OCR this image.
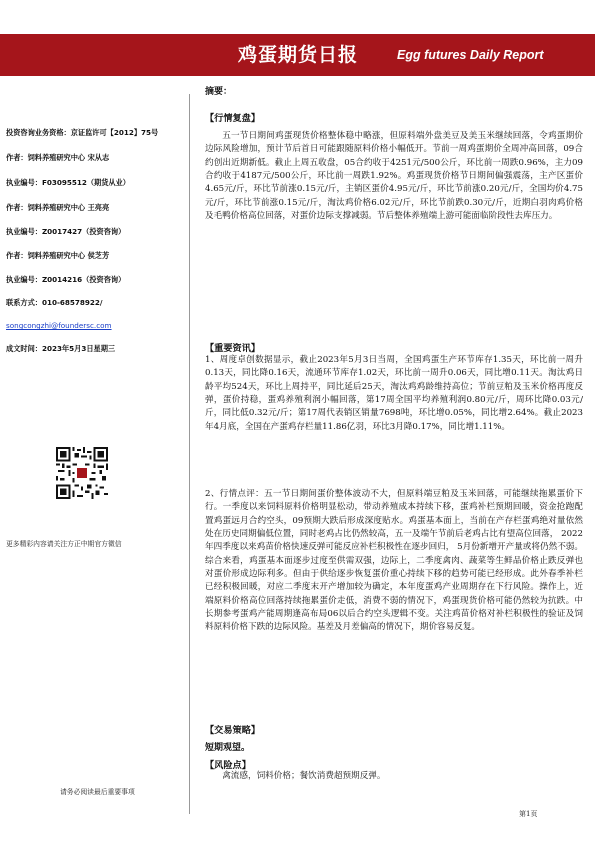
鸡蛋期货日报	Egg futures Daily Report
投资咨询业务资格：京证监许可【2012】75号
作者：饲料养殖研究中心 宋从志
执业编号：F03095512（期货从业）
作者：饲料养殖研究中心 王亮亮
执业编号：Z0017427（投资咨询）
作者：饲料养殖研究中心 侯芝芳
执业编号：Z0014216（投资咨询）
联系方式：010-68578922/
songcongzhi@foundersc.com
成文时间：2023年5月3日星期三
更多精彩内容请关注方正中期官方微信
请务必阅读最后重要事项
摘要：
【行情复盘】

五一节日期间鸡蛋现货价格整体稳中略涨，但原料端外盘美豆及美玉米继续回落，令鸡蛋期价边际风险增加，预计节后首日可能跟随原料价格小幅低开。节前一周鸡蛋期价全周冲高回落，09合约创出近期新低。截止上周五收盘，05合约收于4251元/500公斤，环比前一周跌0.96%，主力09合约收于4187元/500公斤，环比前一周跌1.92%。鸡蛋现货价格节日期间偏强震荡，主产区蛋价4.65元/斤，环比节前涨0.15元/斤，主销区蛋价4.95元/斤，环比节前涨0.20元/斤，全国均价4.75元/斤，环比节前涨0.15元/斤，淘汰鸡价格6.02元/斤，环比节前跌0.30元/斤，近期白羽肉鸡价格及毛鸭价格高位回落，对蛋价边际支撑减弱。节后整体养殖端上游可能面临阶段性去库压力。

【重要资讯】

1、周度卓创数据显示，截止2023年5月3日当周，全国鸡蛋生产环节库存1.35天，环比前一周升0.13天，同比降0.16天，流通环节库存1.02天，环比前一周升0.06天，同比增0.11天。淘汰鸡日龄平均524天，环比上周持平，同比延后25天，淘汰鸡鸡龄维持高位；节前豆粕及玉米价格再度反弹，蛋价持稳，蛋鸡养殖利润小幅回落，第17周全国平均养殖利润0.80元/斤，周环比降0.03元/斤，同比低0.32元/斤；第17周代表销区销量7698吨，环比增0.05%，同比增2.64%。截止2023年4月底，全国在产蛋鸡存栏量11.86亿羽，环比3月降0.17%，同比增1.11%。

2、行情点评：五一节日期间蛋价整体波动不大，但原料端豆粕及玉米回落，可能继续拖累蛋价下行。一季度以来饲料原料价格明显松动，带动养殖成本持续下移，蛋鸡补栏预期回暖，资金抢跑配置鸡蛋远月合约空头，09预期大跌后形成深度贴水。鸡蛋基本面上，当前在产存栏蛋鸡绝对量依然处在历史同期偏低位置，同时老鸡占比仍然较高，五一及端午节前后老鸡占比有望高位回落， 2022年四季度以来鸡苗价格快速反弹可能反应补栏积极性在逐步回归， 5月份新增开产量或将仍然不弱。综合来看，鸡蛋基本面逐步过度至供需双强，边际上，二季度禽肉、蔬菜等生鲜品价格止跌反弹也对蛋价形成边际利多。但由于供给逐步恢复蛋价重心持续下移的趋势可能已经形成。此外春季补栏已经积极回暖，对应二季度末开产增加较为确定，本年度蛋鸡产业周期存在下行风险。操作上，近端原料价格高位回落持续拖累蛋价走低，消费不弱的情况下，鸡蛋现货价格可能仍然较为抗跌。中长期参考蛋鸡产能周期逢高布局06以后合约空头逻辑不变。关注鸡苗价格对补栏积极性的验证及饲料原料价格下跌的边际风险。基差及月差偏高的情况下，期价容易反复。

【交易策略】
短期观望。
【风险点】

禽流感，饲料价格；餐饮消费超预期反弹。

第1页
